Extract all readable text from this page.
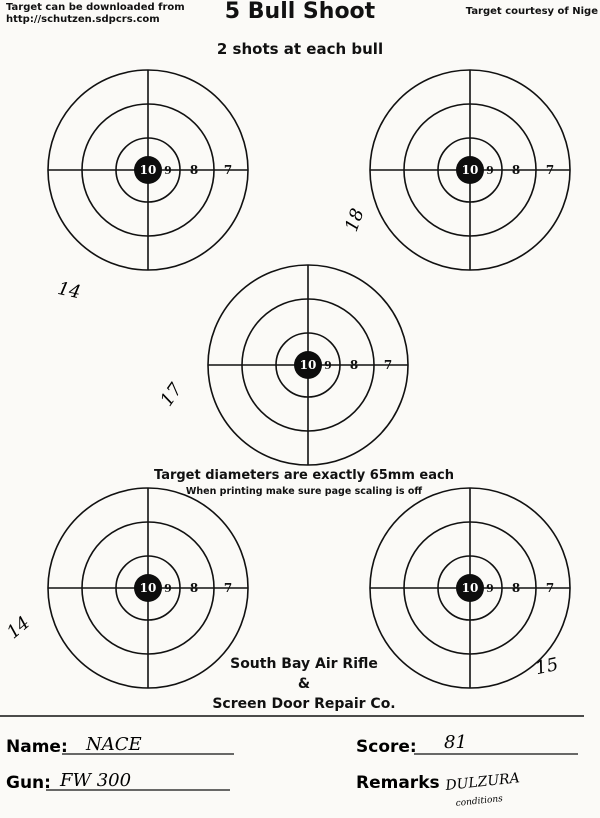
Target can be downloaded from
http://schutzen.sdpcrs.com	5 Bull Shoot	Target courtesy of Nige
2 shots at each bull
10 9 8 7
14
10 9 8 7
18
10 9 8 7
17
10 9 8 7
14
10 9 8 7
15
Target diameters are exactly 65mm each
When printing make sure page scaling is off
South Bay Air Rifle
&
Screen Door Repair Co.
Name: NACE
Gun: FW 300
Score: 81
Remarks DULZURA
conditions
